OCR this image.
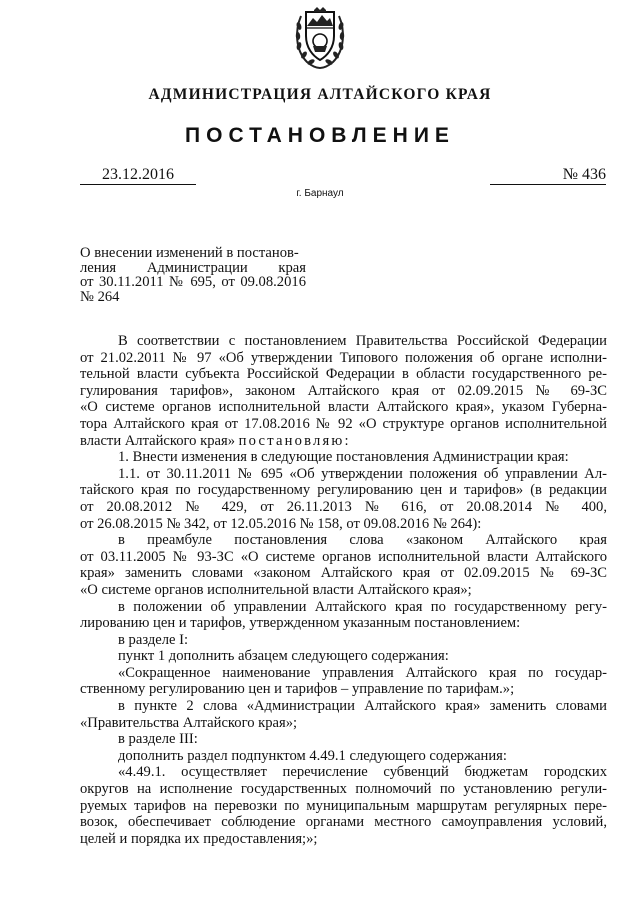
АДМИНИСТРАЦИЯ АЛТАЙСКОГО КРАЯ
ПОСТАНОВЛЕНИЕ
23.12.2016	№ 436
г. Барнаул

О внесении изменений в постанов-
ления Администрации края
от 30.11.2011 № 695, от 09.08.2016
№ 264

В соответствии с постановлением Правительства Российской Федерации
от 21.02.2011 № 97 «Об утверждении Типового положения об органе исполни-
тельной власти субъекта Российской Федерации в области государственного ре-
гулирования тарифов», законом Алтайского края от 02.09.2015 № 69-ЗС
«О системе органов исполнительной власти Алтайского края», указом Губерна-
тора Алтайского края от 17.08.2016 № 92 «О структуре органов исполнительной
власти Алтайского края» постановляю:
1. Внести изменения в следующие постановления Администрации края:
1.1. от 30.11.2011 № 695 «Об утверждении положения об управлении Ал-
тайского края по государственному регулированию цен и тарифов» (в редакции
от 20.08.2012 № 429, от 26.11.2013 № 616, от 20.08.2014 № 400,
от 26.08.2015 № 342, от 12.05.2016 № 158, от 09.08.2016 № 264):
в преамбуле постановления слова «законом Алтайского края
от 03.11.2005 № 93-ЗС «О системе органов исполнительной власти Алтайского
края» заменить словами «законом Алтайского края от 02.09.2015 № 69-ЗС
«О системе органов исполнительной власти Алтайского края»;
в положении об управлении Алтайского края по государственному регу-
лированию цен и тарифов, утвержденном указанным постановлением:
в разделе I:
пункт 1 дополнить абзацем следующего содержания:
«Сокращенное наименование управления Алтайского края по государ-
ственному регулированию цен и тарифов – управление по тарифам.»;
в пункте 2 слова «Администрации Алтайского края» заменить словами
«Правительства Алтайского края»;
в разделе III:
дополнить раздел подпунктом 4.49.1 следующего содержания:
«4.49.1. осуществляет перечисление субвенций бюджетам городских
округов на исполнение государственных полномочий по установлению регули-
руемых тарифов на перевозки по муниципальным маршрутам регулярных пере-
возок, обеспечивает соблюдение органами местного самоуправления условий,
целей и порядка их предоставления;»;
